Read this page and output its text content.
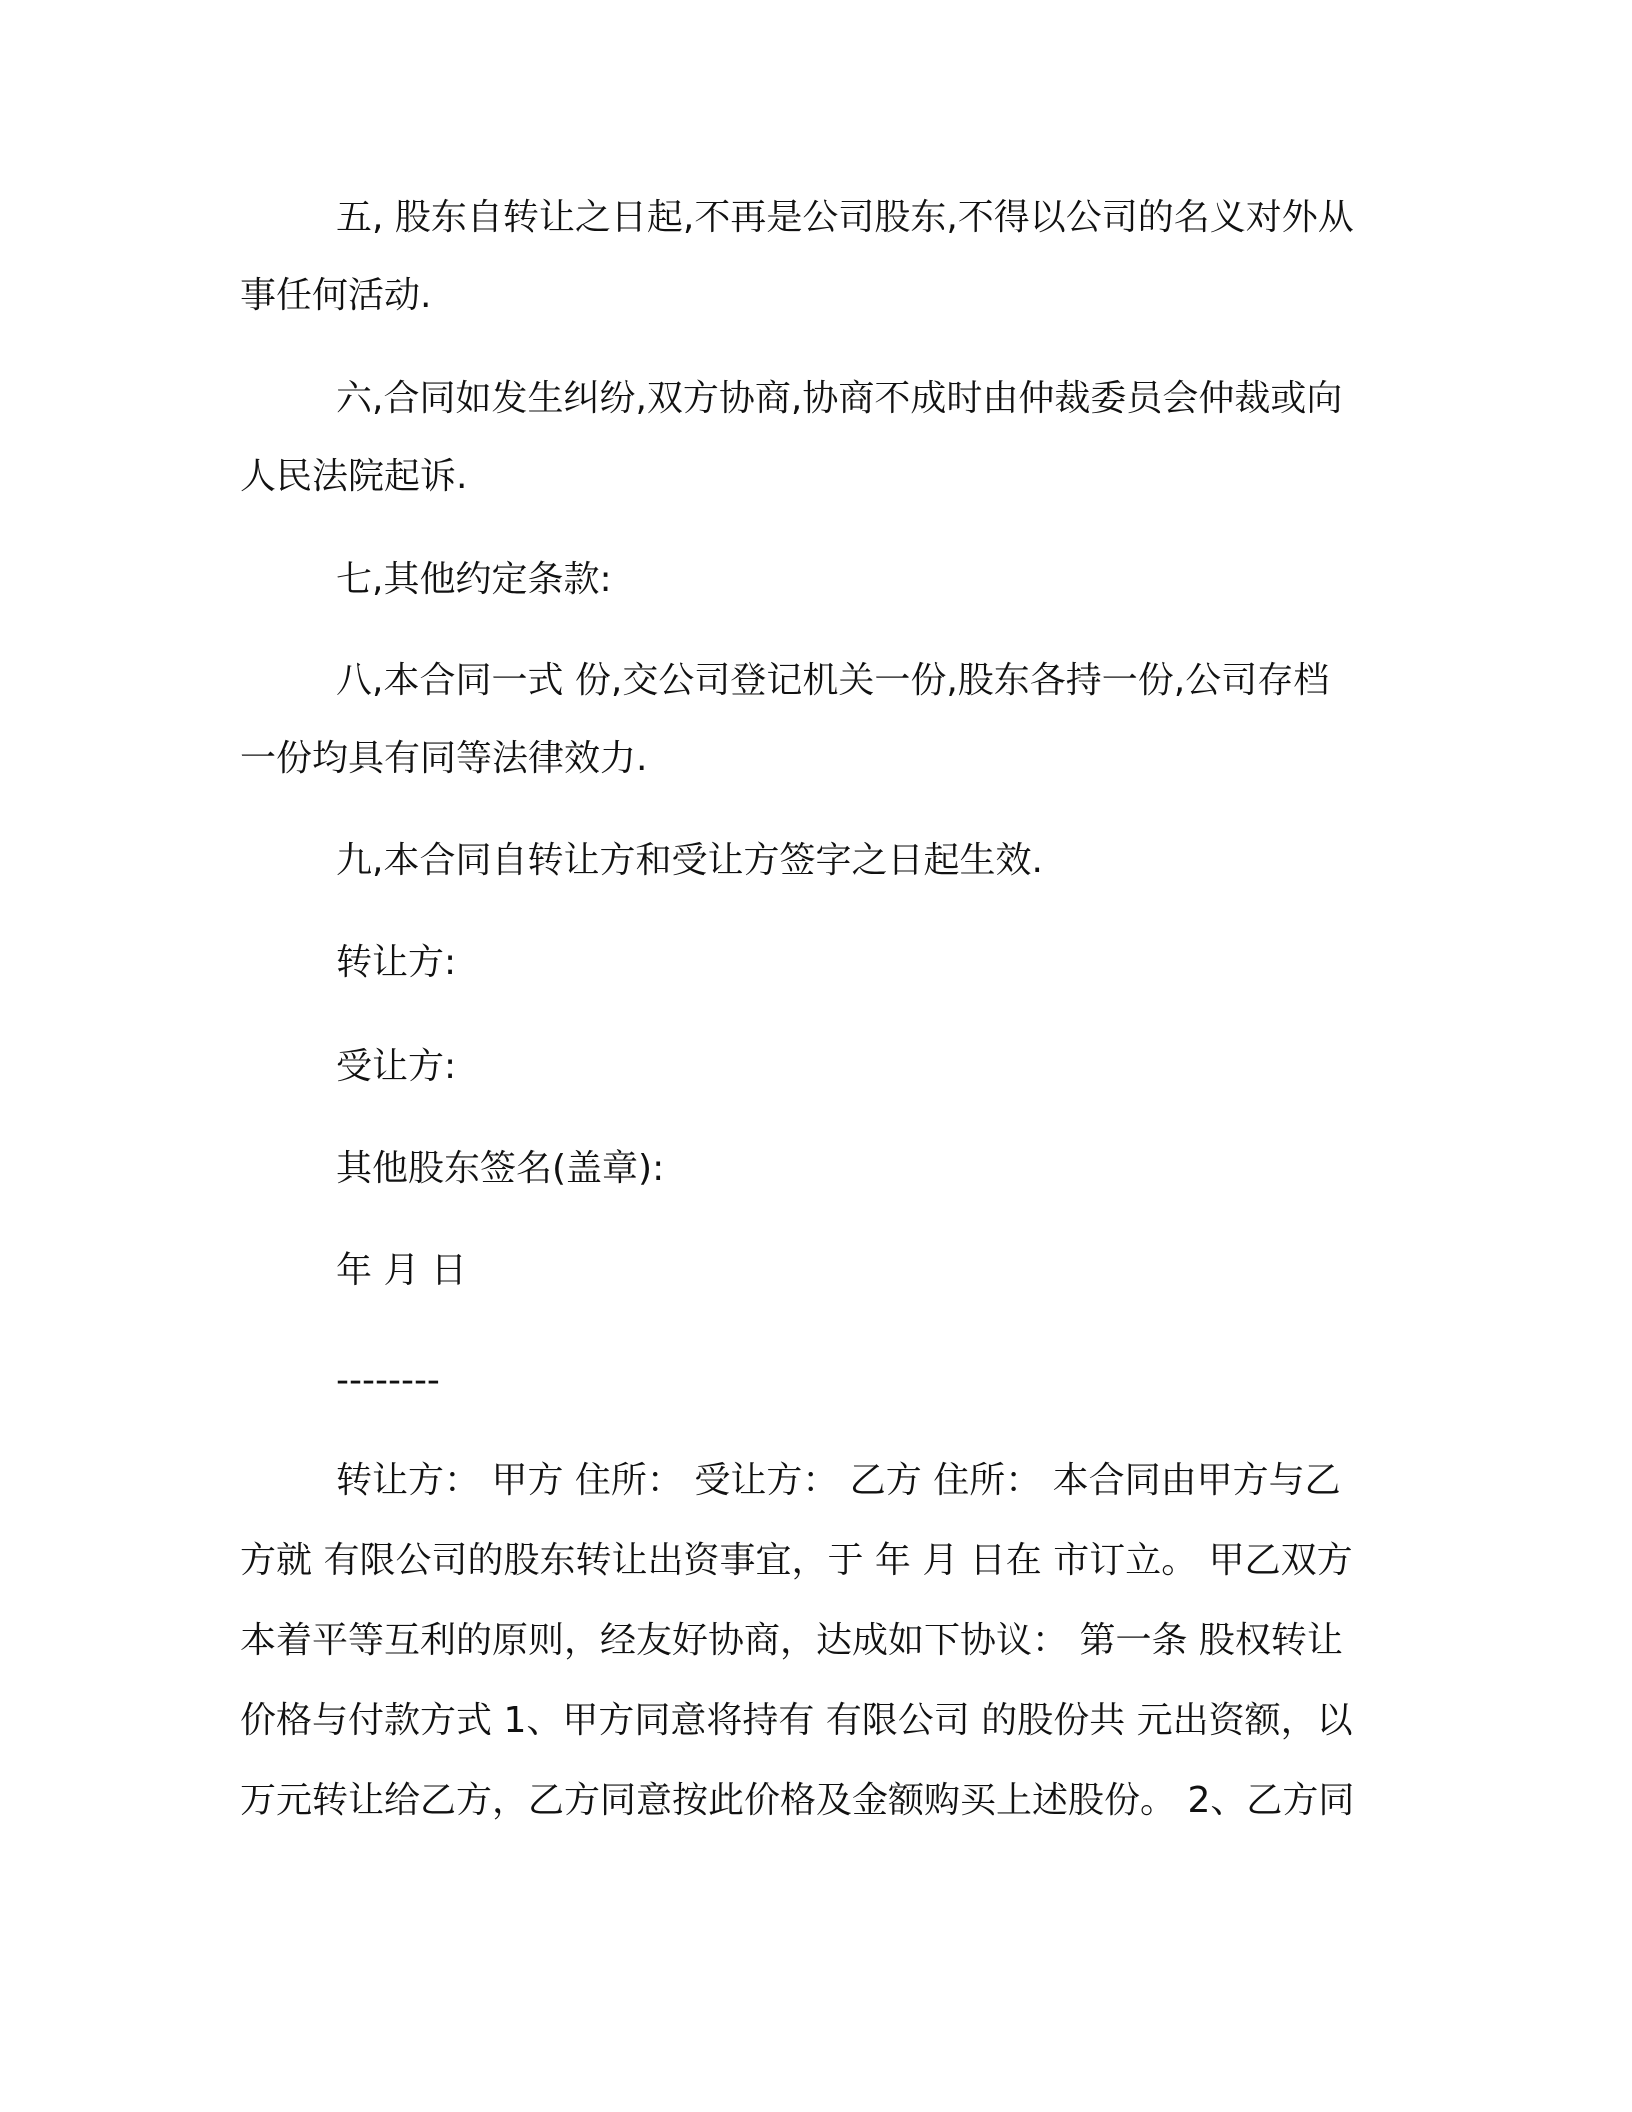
五, 股东自转让之日起,不再是公司股东,不得以公司的名义对外从

事任何活动.

六,合同如发生纠纷,双方协商,协商不成时由仲裁委员会仲裁或向

人民法院起诉.

七,其他约定条款:

八,本合同一式 份,交公司登记机关一份,股东各持一份,公司存档

一份均具有同等法律效力.

九,本合同自转让方和受让方签字之日起生效.

转让方:

受让方:

其他股东签名(盖章):

年 月 日

--------

转让方： 甲方 住所： 受让方： 乙方 住所： 本合同由甲方与乙

方就 有限公司的股东转让出资事宜，于 年 月 日在 市订立。 甲乙双方

本着平等互利的原则，经友好协商，达成如下协议： 第一条 股权转让

价格与付款方式 1、甲方同意将持有 有限公司 的股份共 元出资额，以

万元转让给乙方，乙方同意按此价格及金额购买上述股份。 2、乙方同
